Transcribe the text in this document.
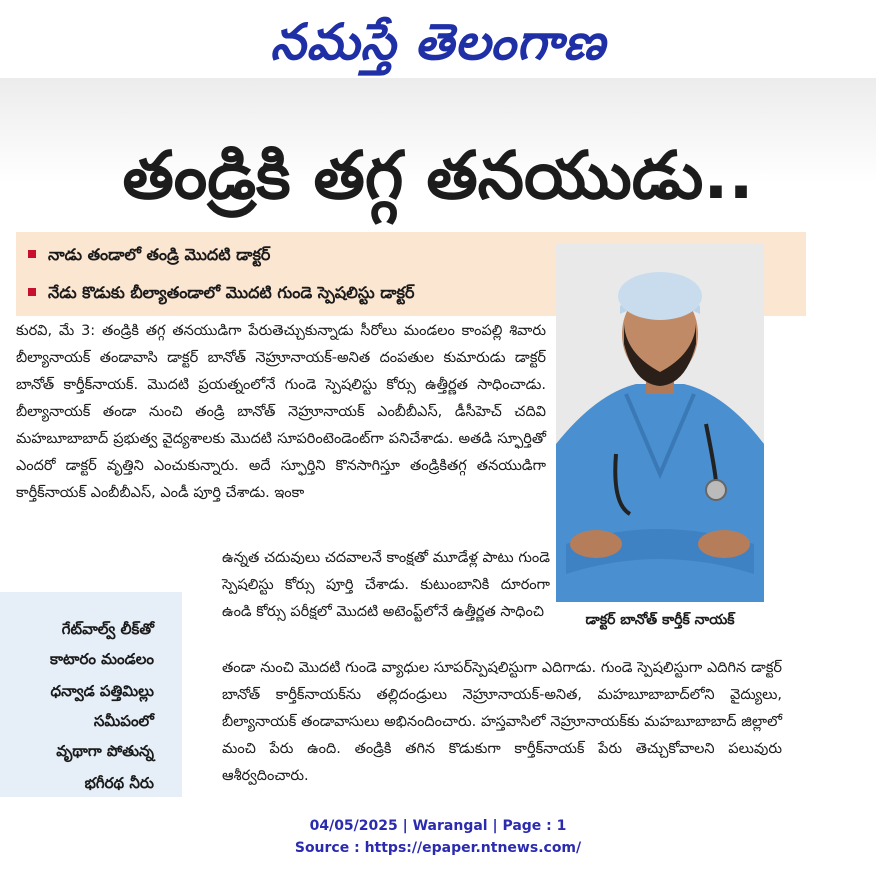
నమస్తే తెలంగాణ
తండ్రికి తగ్గ తనయుడు..
నాడు తండాలో తండ్రి మొదటి డాక్టర్
నేడు కొడుకు బీల్యాతండాలో మొదటి గుండె స్పెషలిస్టు డాక్టర్
డాక్టర్ బానోత్ కార్తీక్ నాయక్

కురవి, మే 3: తండ్రికి తగ్గ తనయుడిగా పేరుతెచ్చుకున్నాడు సీరోలు మండలం కాంపల్లి శివారు బీల్యానాయక్ తండావాసి డాక్టర్ బానోత్ నెహ్రూనాయక్-అనిత దంపతుల కుమారుడు డాక్టర్ బానోత్ కార్తీక్‌నాయక్. మొదటి ప్రయత్నంలోనే గుండె స్పెషలిస్టు కోర్సు ఉత్తీర్ణత సాధించాడు. బీల్యానాయక్ తండా నుంచి తండ్రి బానోత్ నెహ్రూనాయక్ ఎంబీబీఎస్, డీసీహెచ్ చదివి మహబూబాబాద్ ప్రభుత్వ వైద్యశాలకు మొదటి సూపరింటెండెంట్‌గా పనిచేశాడు. అతడి స్ఫూర్తితో ఎందరో డాక్టర్ వృత్తిని ఎంచుకున్నారు. అదే స్ఫూర్తిని కొనసాగిస్తూ తండ్రికితగ్గ తనయుడిగా కార్తీక్‌నాయక్ ఎంబీబీఎస్, ఎండీ పూర్తి చేశాడు. ఇంకా

ఉన్నత చదువులు చదవాలనే కాంక్షతో మూడేళ్ల పాటు గుండె స్పెషలిస్టు కోర్సు పూర్తి చేశాడు. కుటుంబానికి దూరంగా ఉండి కోర్సు పరీక్షలో మొదటి అటెంప్ట్‌లోనే ఉత్తీర్ణత సాధించి

తండా నుంచి మొదటి గుండె వ్యాధుల సూపర్‌స్పెషలిస్టుగా ఎదిగాడు. గుండె స్పెషలిస్టుగా ఎదిగిన డాక్టర్ బానోత్ కార్తీక్‌నాయక్‌ను తల్లిదండ్రులు నెహ్రూనాయక్-అనిత, మహబూబాబాద్‌లోని వైద్యులు, బీల్యానాయక్ తండావాసులు అభినందించారు. హస్తవాసిలో నెహ్రూనాయక్‌కు మహబూబాబాద్ జిల్లాలో మంచి పేరు ఉంది. తండ్రికి తగిన కొడుకుగా కార్తీక్‌నాయక్ పేరు తెచ్చుకోవాలని పలువురు ఆశీర్వదించారు.

గేట్‌వాల్వ్ లీక్‌తో
కాటారం మండలం
ధన్వాడ పత్తిమిల్లు
సమీపంలో
వృథాగా పోతున్న
భగీరథ నీరు
04/05/2025 | Warangal | Page : 1
Source : https://epaper.ntnews.com/
